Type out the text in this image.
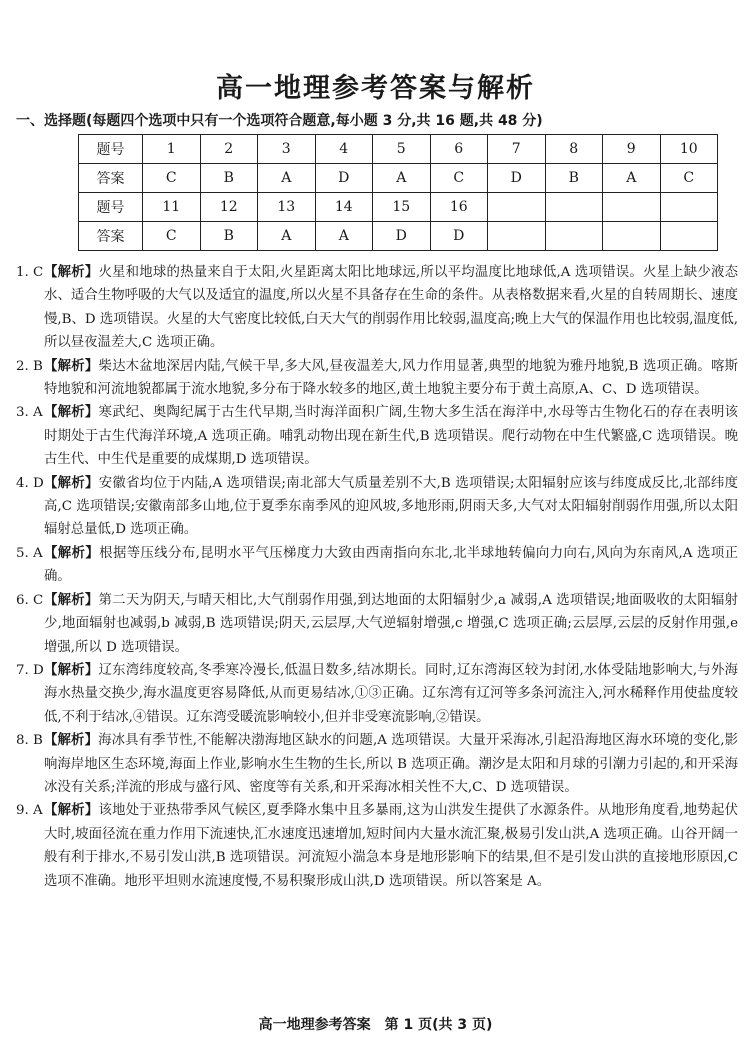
高一地理参考答案与解析
一、选择题(每题四个选项中只有一个选项符合题意,每小题 3 分,共 16 题,共 48 分)
题号	1	2	3	4	5	6	7	8	9	10
答案	C	B	A	D	A	C	D	B	A	C
题号	11	12	13	14	15	16				
答案	C	B	A	A	D	D				

1. C 【解析】火星和地球的热量来自于太阳,火星距离太阳比地球远,所以平均温度比地球低,A 选项错误。火星上缺少液态水、适合生物呼吸的大气以及适宜的温度,所以火星不具备存在生命的条件。从表格数据来看,火星的自转周期长、速度慢,B、D 选项错误。火星的大气密度比较低,白天大气的削弱作用比较弱,温度高;晚上大气的保温作用也比较弱,温度低,所以昼夜温差大,C 选项正确。

2. B 【解析】柴达木盆地深居内陆,气候干旱,多大风,昼夜温差大,风力作用显著,典型的地貌为雅丹地貌,B 选项正确。喀斯特地貌和河流地貌都属于流水地貌,多分布于降水较多的地区,黄土地貌主要分布于黄土高原,A、C、D 选项错误。

3. A 【解析】寒武纪、奥陶纪属于古生代早期,当时海洋面积广阔,生物大多生活在海洋中,水母等古生物化石的存在表明该时期处于古生代海洋环境,A 选项正确。哺乳动物出现在新生代,B 选项错误。爬行动物在中生代繁盛,C 选项错误。晚古生代、中生代是重要的成煤期,D 选项错误。

4. D 【解析】安徽省均位于内陆,A 选项错误;南北部大气质量差别不大,B 选项错误;太阳辐射应该与纬度成反比,北部纬度高,C 选项错误;安徽南部多山地,位于夏季东南季风的迎风坡,多地形雨,阴雨天多,大气对太阳辐射削弱作用强,所以太阳辐射总量低,D 选项正确。

5. A 【解析】根据等压线分布,昆明水平气压梯度力大致由西南指向东北,北半球地转偏向力向右,风向为东南风,A 选项正确。

6. C 【解析】第二天为阴天,与晴天相比,大气削弱作用强,到达地面的太阳辐射少,a 减弱,A 选项错误;地面吸收的太阳辐射少,地面辐射也减弱,b 减弱,B 选项错误;阴天,云层厚,大气逆辐射增强,c 增强,C 选项正确;云层厚,云层的反射作用强,e 增强,所以 D 选项错误。

7. D 【解析】辽东湾纬度较高,冬季寒冷漫长,低温日数多,结冰期长。同时,辽东湾海区较为封闭,水体受陆地影响大,与外海海水热量交换少,海水温度更容易降低,从而更易结冰,①③正确。辽东湾有辽河等多条河流注入,河水稀释作用使盐度较低,不利于结冰,④错误。辽东湾受暖流影响较小,但并非受寒流影响,②错误。

8. B 【解析】海冰具有季节性,不能解决渤海地区缺水的问题,A 选项错误。大量开采海冰,引起沿海地区海水环境的变化,影响海岸地区生态环境,海面上作业,影响水生生物的生长,所以 B 选项正确。潮汐是太阳和月球的引潮力引起的,和开采海冰没有关系;洋流的形成与盛行风、密度等有关系,和开采海冰相关性不大,C、D 选项错误。

9. A 【解析】该地处于亚热带季风气候区,夏季降水集中且多暴雨,这为山洪发生提供了水源条件。从地形角度看,地势起伏大时,坡面径流在重力作用下流速快,汇水速度迅速增加,短时间内大量水流汇聚,极易引发山洪,A 选项正确。山谷开阔一般有利于排水,不易引发山洪,B 选项错误。河流短小湍急本身是地形影响下的结果,但不是引发山洪的直接地形原因,C 选项不准确。地形平坦则水流速度慢,不易积聚形成山洪,D 选项错误。所以答案是 A。

高一地理参考答案　第 1 页(共 3 页)
